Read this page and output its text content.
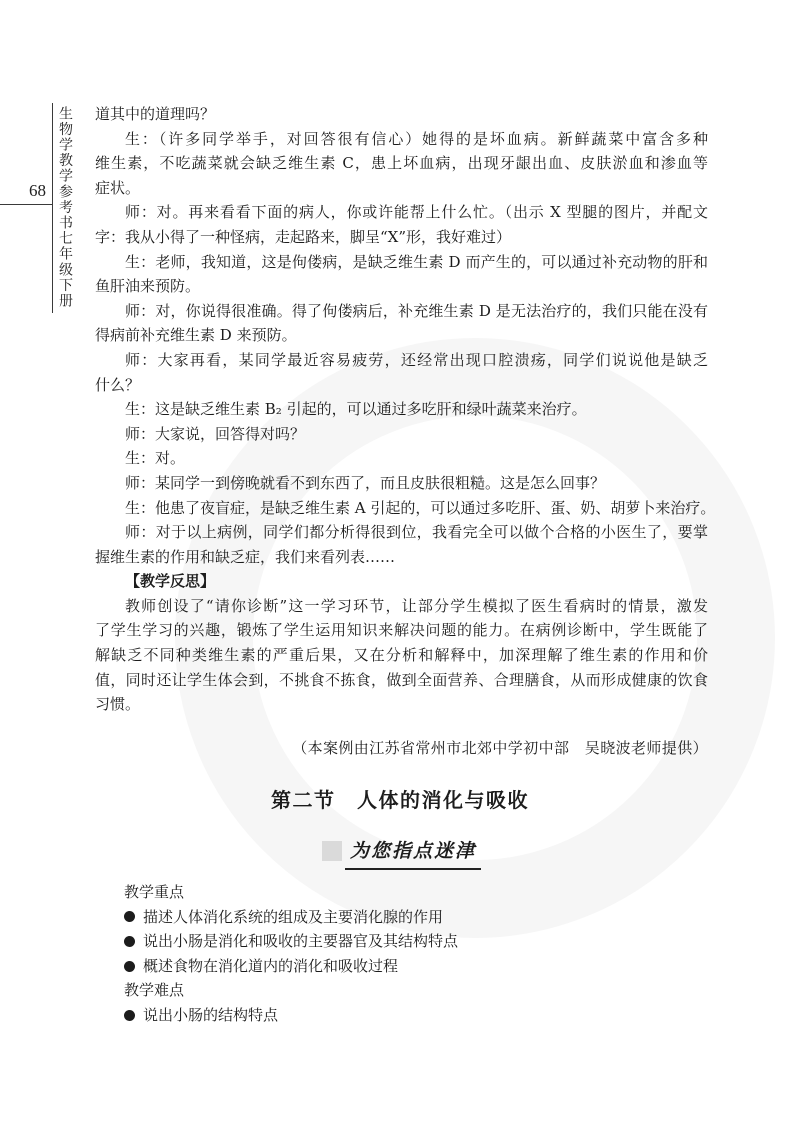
68 生物学教学参考书七年级下册 道其中的道理吗？
生：（许多同学举手，对回答很有信心）她得的是坏血病。新鲜蔬菜中富含多种
维生素，不吃蔬菜就会缺乏维生素 C，患上坏血病，出现牙龈出血、皮肤淤血和渗血等
症状。
师：对。再来看看下面的病人，你或许能帮上什么忙。（出示 X 型腿的图片，并配文
字：我从小得了一种怪病，走起路来，脚呈“X”形，我好难过）
生：老师，我知道，这是佝偻病，是缺乏维生素 D 而产生的，可以通过补充动物的肝和
鱼肝油来预防。
师：对，你说得很准确。得了佝偻病后，补充维生素 D 是无法治疗的，我们只能在没有
得病前补充维生素 D 来预防。
师：大家再看，某同学最近容易疲劳，还经常出现口腔溃疡，同学们说说他是缺乏
什么？
生：这是缺乏维生素 B₂ 引起的，可以通过多吃肝和绿叶蔬菜来治疗。
师：大家说，回答得对吗？
生：对。
师：某同学一到傍晚就看不到东西了，而且皮肤很粗糙。这是怎么回事？
生：他患了夜盲症，是缺乏维生素 A 引起的，可以通过多吃肝、蛋、奶、胡萝卜来治疗。
师：对于以上病例，同学们都分析得很到位，我看完全可以做个合格的小医生了，要掌
握维生素的作用和缺乏症，我们来看列表……
【教学反思】
教师创设了“请你诊断”这一学习环节，让部分学生模拟了医生看病时的情景，激发
了学生学习的兴趣，锻炼了学生运用知识来解决问题的能力。在病例诊断中，学生既能了
解缺乏不同种类维生素的严重后果，又在分析和解释中，加深理解了维生素的作用和价
值，同时还让学生体会到，不挑食不拣食，做到全面营养、合理膳食，从而形成健康的饮食
习惯。
（本案例由江苏省常州市北郊中学初中部　吴晓波老师提供）
第二节　人体的消化与吸收
为您指点迷津
教学重点
描述人体消化系统的组成及主要消化腺的作用
说出小肠是消化和吸收的主要器官及其结构特点
概述食物在消化道内的消化和吸收过程
教学难点
说出小肠的结构特点
